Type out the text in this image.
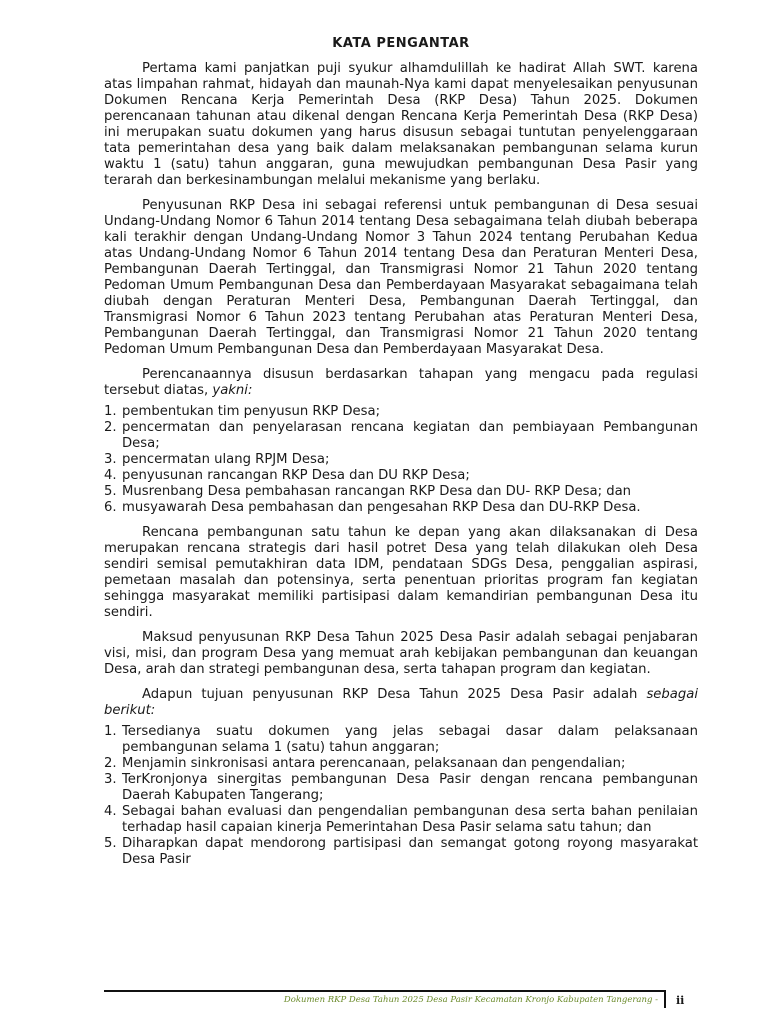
KATA PENGANTAR

Pertama kami panjatkan puji syukur alhamdulillah ke hadirat Allah SWT. karena atas limpahan rahmat, hidayah dan maunah-Nya kami dapat menyelesaikan penyusunan Dokumen Rencana Kerja Pemerintah Desa (RKP Desa) Tahun 2025. Dokumen perencanaan tahunan atau dikenal dengan Rencana Kerja Pemerintah Desa (RKP Desa) ini merupakan suatu dokumen yang harus disusun sebagai tuntutan penyelenggaraan tata pemerintahan desa yang baik dalam melaksanakan pembangunan selama kurun waktu 1 (satu) tahun anggaran, guna mewujudkan pembangunan Desa Pasir yang terarah dan berkesinambungan melalui mekanisme yang berlaku.

Penyusunan RKP Desa ini sebagai referensi untuk pembangunan di Desa sesuai Undang-Undang Nomor 6 Tahun 2014 tentang Desa sebagaimana telah diubah beberapa kali terakhir dengan Undang-Undang Nomor 3 Tahun 2024 tentang Perubahan Kedua atas Undang-Undang Nomor 6 Tahun 2014 tentang Desa dan Peraturan Menteri Desa, Pembangunan Daerah Tertinggal, dan Transmigrasi Nomor 21 Tahun 2020 tentang Pedoman Umum Pembangunan Desa dan Pemberdayaan Masyarakat sebagaimana telah diubah dengan Peraturan Menteri Desa, Pembangunan Daerah Tertinggal, dan Transmigrasi Nomor 6 Tahun 2023 tentang Perubahan atas Peraturan Menteri Desa, Pembangunan Daerah Tertinggal, dan Transmigrasi Nomor 21 Tahun 2020 tentang Pedoman Umum Pembangunan Desa dan Pemberdayaan Masyarakat Desa.

Perencanaannya disusun berdasarkan tahapan yang mengacu pada regulasi tersebut diatas, yakni:

1. pembentukan tim penyusun RKP Desa;
2. pencermatan dan penyelarasan rencana kegiatan dan pembiayaan Pembangunan Desa;
3. pencermatan ulang RPJM Desa;
4. penyusunan rancangan RKP Desa dan DU RKP Desa;
5. Musrenbang Desa pembahasan rancangan RKP Desa dan DU- RKP Desa; dan
6. musyawarah Desa pembahasan dan pengesahan RKP Desa dan DU-RKP Desa.

Rencana pembangunan satu tahun ke depan yang akan dilaksanakan di Desa merupakan rencana strategis dari hasil potret Desa yang telah dilakukan oleh Desa sendiri semisal pemutakhiran data IDM, pendataan SDGs Desa, penggalian aspirasi, pemetaan masalah dan potensinya, serta penentuan prioritas program fan kegiatan sehingga masyarakat memiliki partisipasi dalam kemandirian pembangunan Desa itu sendiri.

Maksud penyusunan RKP Desa Tahun 2025 Desa Pasir adalah sebagai penjabaran visi, misi, dan program Desa yang memuat arah kebijakan pembangunan dan keuangan Desa, arah dan strategi pembangunan desa, serta tahapan program dan kegiatan.

Adapun tujuan penyusunan RKP Desa Tahun 2025 Desa Pasir adalah sebagai berikut:

1. Tersedianya suatu dokumen yang jelas sebagai dasar dalam pelaksanaan pembangunan selama 1 (satu) tahun anggaran;
2. Menjamin sinkronisasi antara perencanaan, pelaksanaan dan pengendalian;
3. TerKronjonya sinergitas pembangunan Desa Pasir dengan rencana pembangunan Daerah Kabupaten Tangerang;
4. Sebagai bahan evaluasi dan pengendalian pembangunan desa serta bahan penilaian terhadap hasil capaian kinerja Pemerintahan Desa Pasir selama satu tahun; dan
5. Diharapkan dapat mendorong partisipasi dan semangat gotong royong masyarakat Desa Pasir
Dokumen RKP Desa Tahun 2025 Desa Pasir Kecamatan Kronjo Kabupaten Tangerang - ii
